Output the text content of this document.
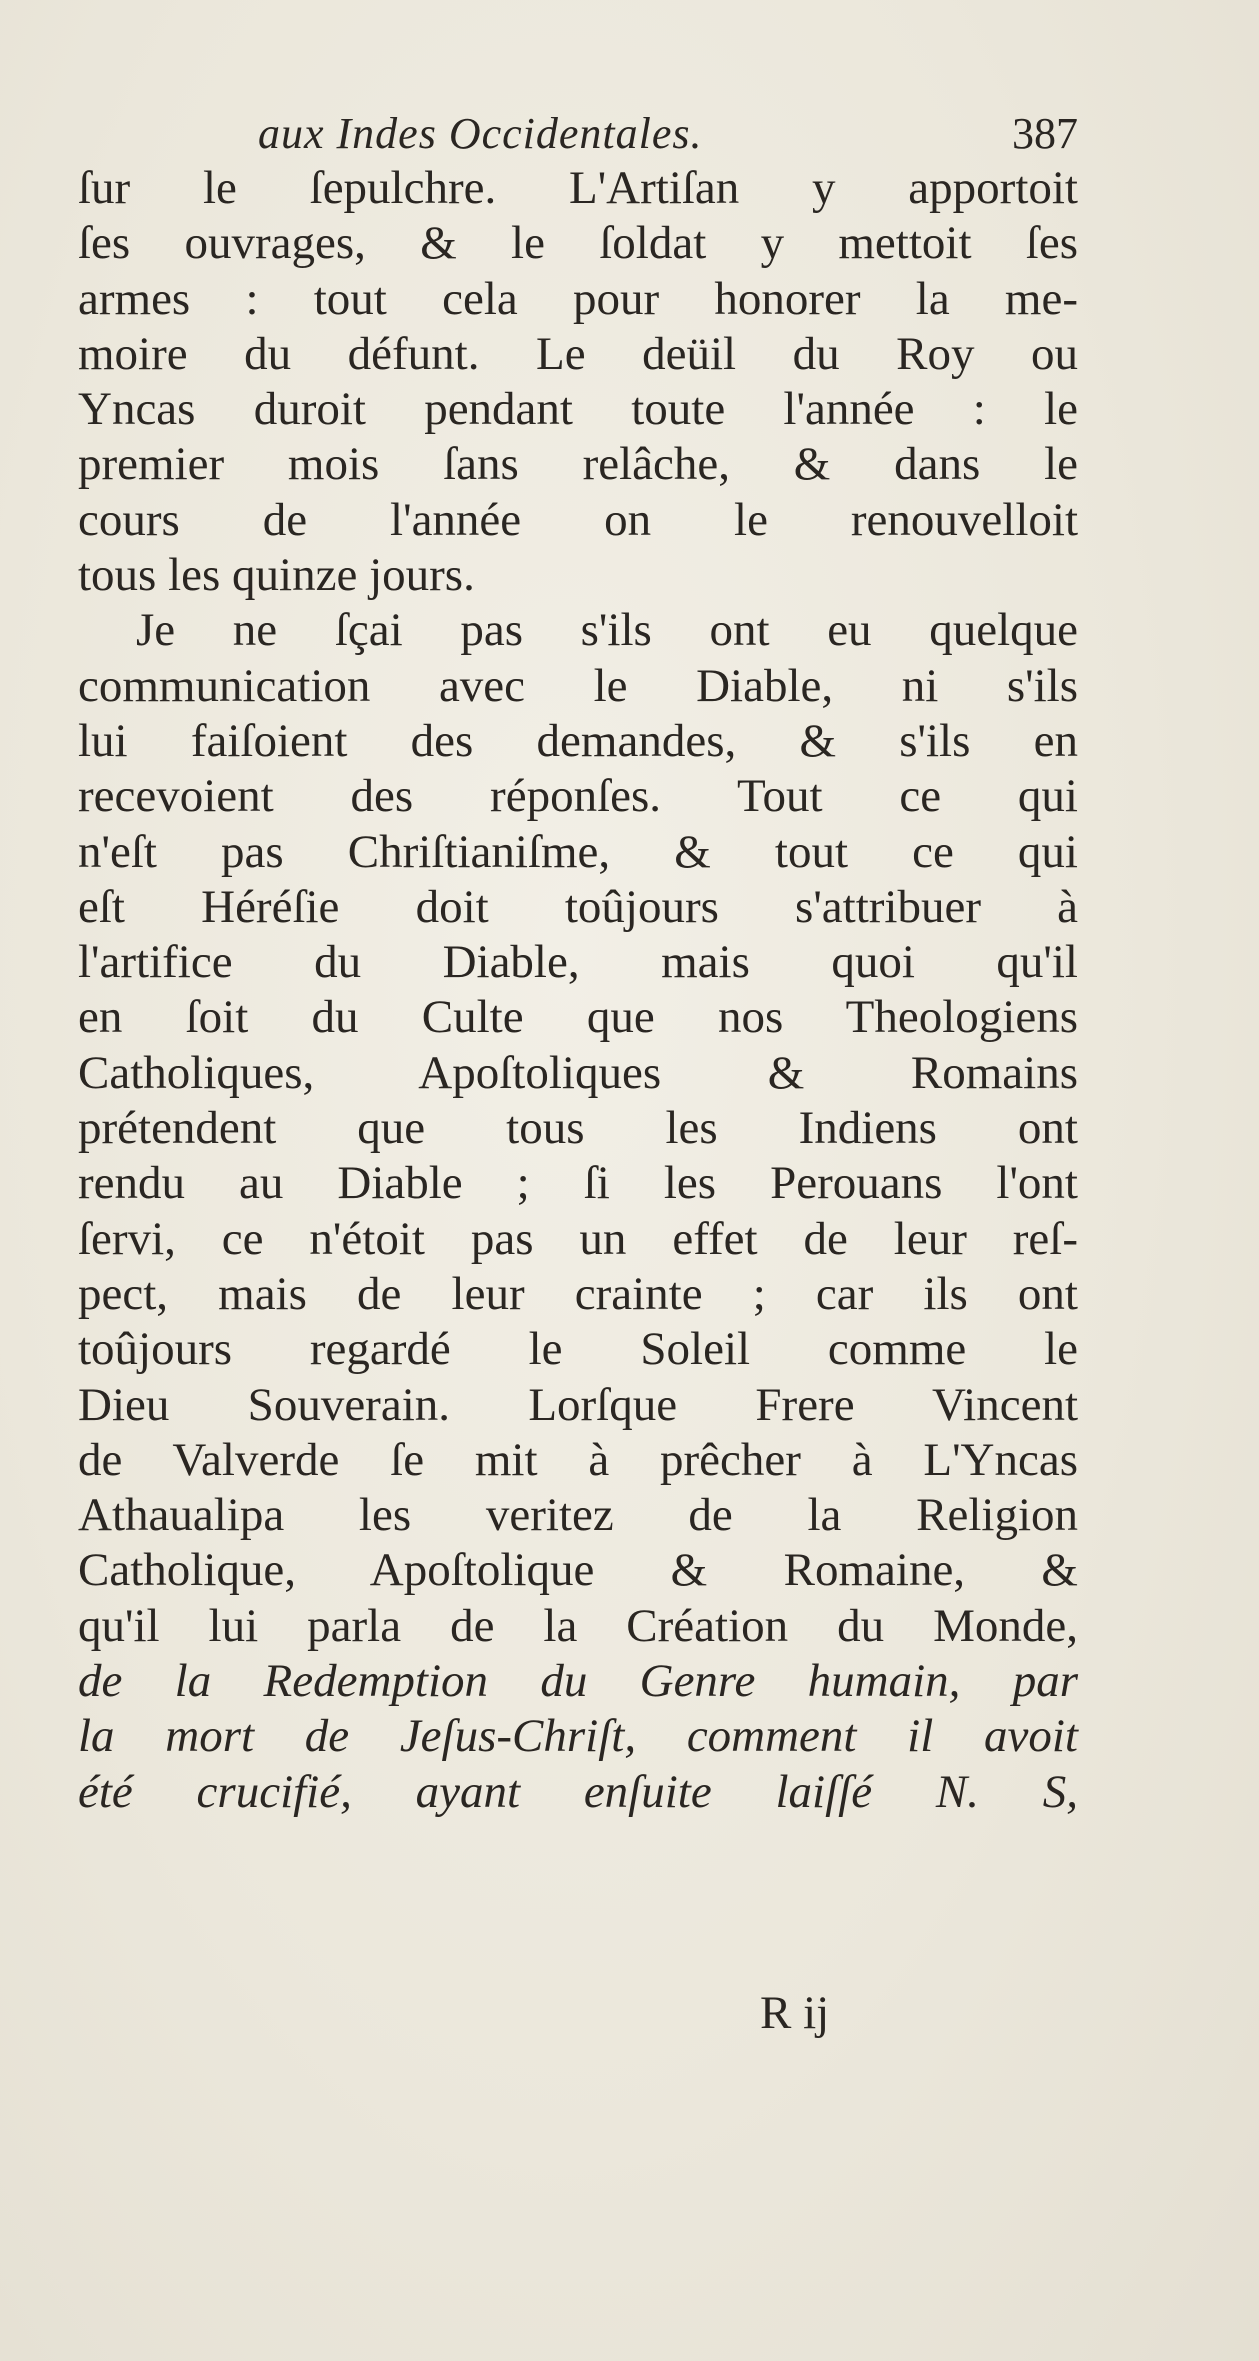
aux Indes Occidentales.	387
ſur le ſepulchre. L'Artiſan y apportoit
ſes ouvrages, & le ſoldat y mettoit ſes
armes : tout cela pour honorer la me-
moire du défunt. Le deüil du Roy ou
Yncas duroit pendant toute l'année : le
premier mois ſans relâche, & dans le
cours de l'année on le renouvelloit
tous les quinze jours.
Je ne ſçai pas s'ils ont eu quelque
communication avec le Diable, ni s'ils
lui faiſoient des demandes, & s'ils en
recevoient des réponſes. Tout ce qui
n'eſt pas Chriſtianiſme, & tout ce qui
eſt Héréſie doit toûjours s'attribuer à
l'artifice du Diable, mais quoi qu'il
en ſoit du Culte que nos Theologiens
Catholiques, Apoſtoliques & Romains
prétendent que tous les Indiens ont
rendu au Diable ; ſi les Perouans l'ont
ſervi, ce n'étoit pas un effet de leur reſ-
pect, mais de leur crainte ; car ils ont
toûjours regardé le Soleil comme le
Dieu Souverain. Lorſque Frere Vincent
de Valverde ſe mit à prêcher à L'Yncas
Athaualipa les veritez de la Religion
Catholique, Apoſtolique & Romaine, &
qu'il lui parla de la Création du Monde,
de la Redemption du Genre humain, par
la mort de Jeſus-Chriſt, comment il avoit
été crucifié, ayant enſuite laiſſé N. S,
R ij
